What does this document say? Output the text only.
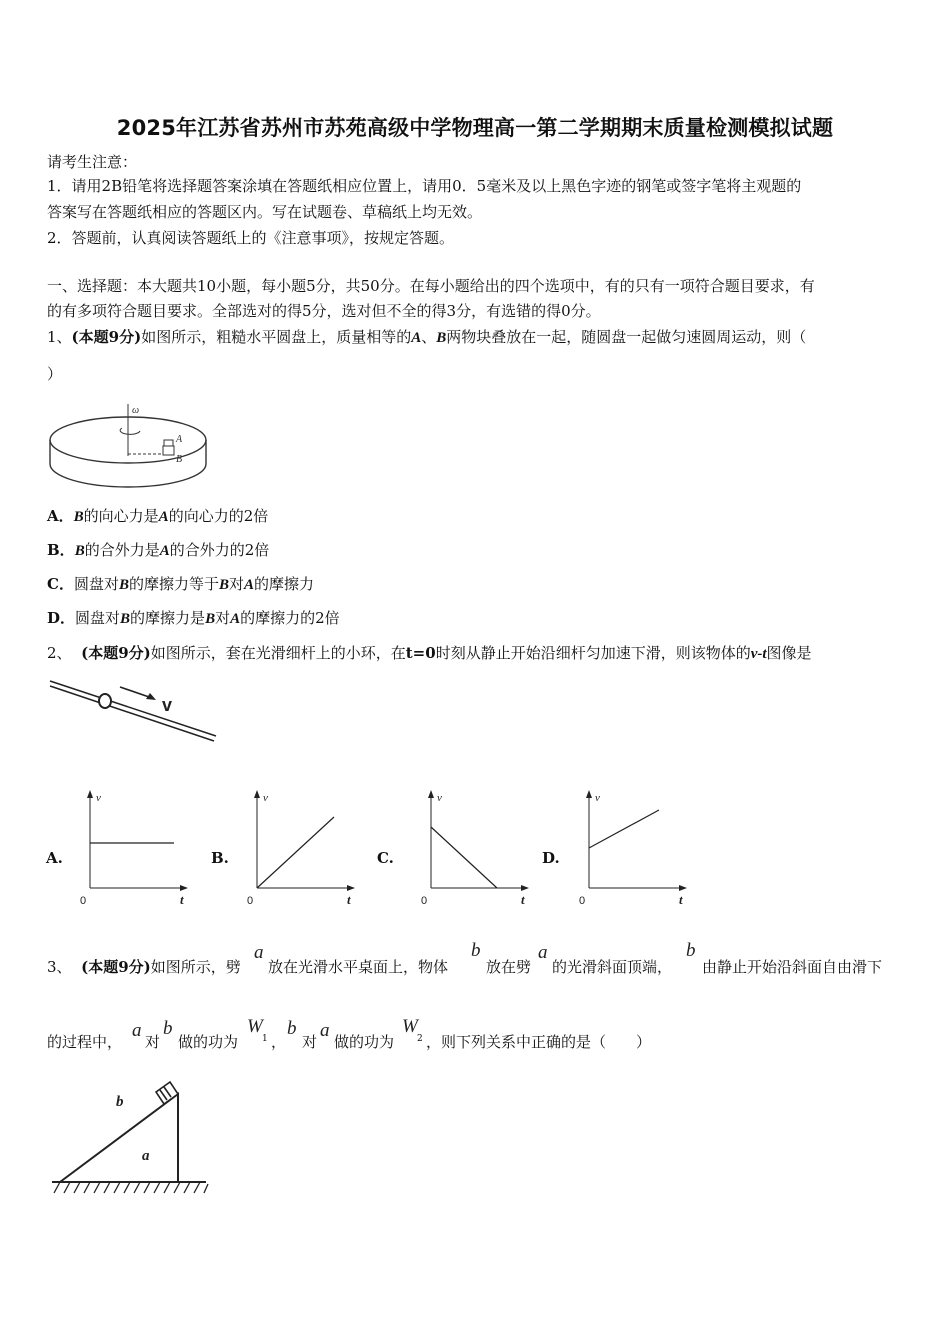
2025年江苏省苏州市苏苑高级中学物理高一第二学期期末质量检测模拟试题
请考生注意：
1．请用2B铅笔将选择题答案涂填在答题纸相应位置上，请用0．5毫米及以上黑色字迹的钢笔或签字笔将主观题的
答案写在答题纸相应的答题区内。写在试题卷、草稿纸上均无效。
2．答题前，认真阅读答题纸上的《注意事项》，按规定答题。
一、选择题：本大题共10小题，每小题5分，共50分。在每小题给出的四个选项中，有的只有一项符合题目要求，有
的有多项符合题目要求。全部选对的得5分，选对但不全的得3分，有选错的得0分。
1、(本题9分)如图所示，粗糙水平圆盘上，质量相等的A、B两物块叠放在一起，随圆盘一起做匀速圆周运动，则（
）
ω
A
B
A．B的向心力是A的向心力的2倍
B．B的合外力是A的合外力的2倍
C．圆盘对B的摩擦力等于B对A的摩擦力
D．圆盘对B的摩擦力是B对A的摩擦力的2倍
2、 (本题9分)如图所示，套在光滑细杆上的小环，在t=0时刻从静止开始沿细杆匀加速下滑，则该物体的v-t图像是
v
A.	B.	C.	D.
v
t
0
v
t
0
v
t
0
v
t
0
3、 (本题9分)如图所示，劈
a
放在光滑水平桌面上，物体
b
放在劈
a
的光滑斜面顶端，
b
由静止开始沿斜面自由滑下
的过程中，
a
对
b
做的功为
W
1 ，
b
对
a
做的功为
W
2 ，则下列关系中正确的是（　　）
b
a
